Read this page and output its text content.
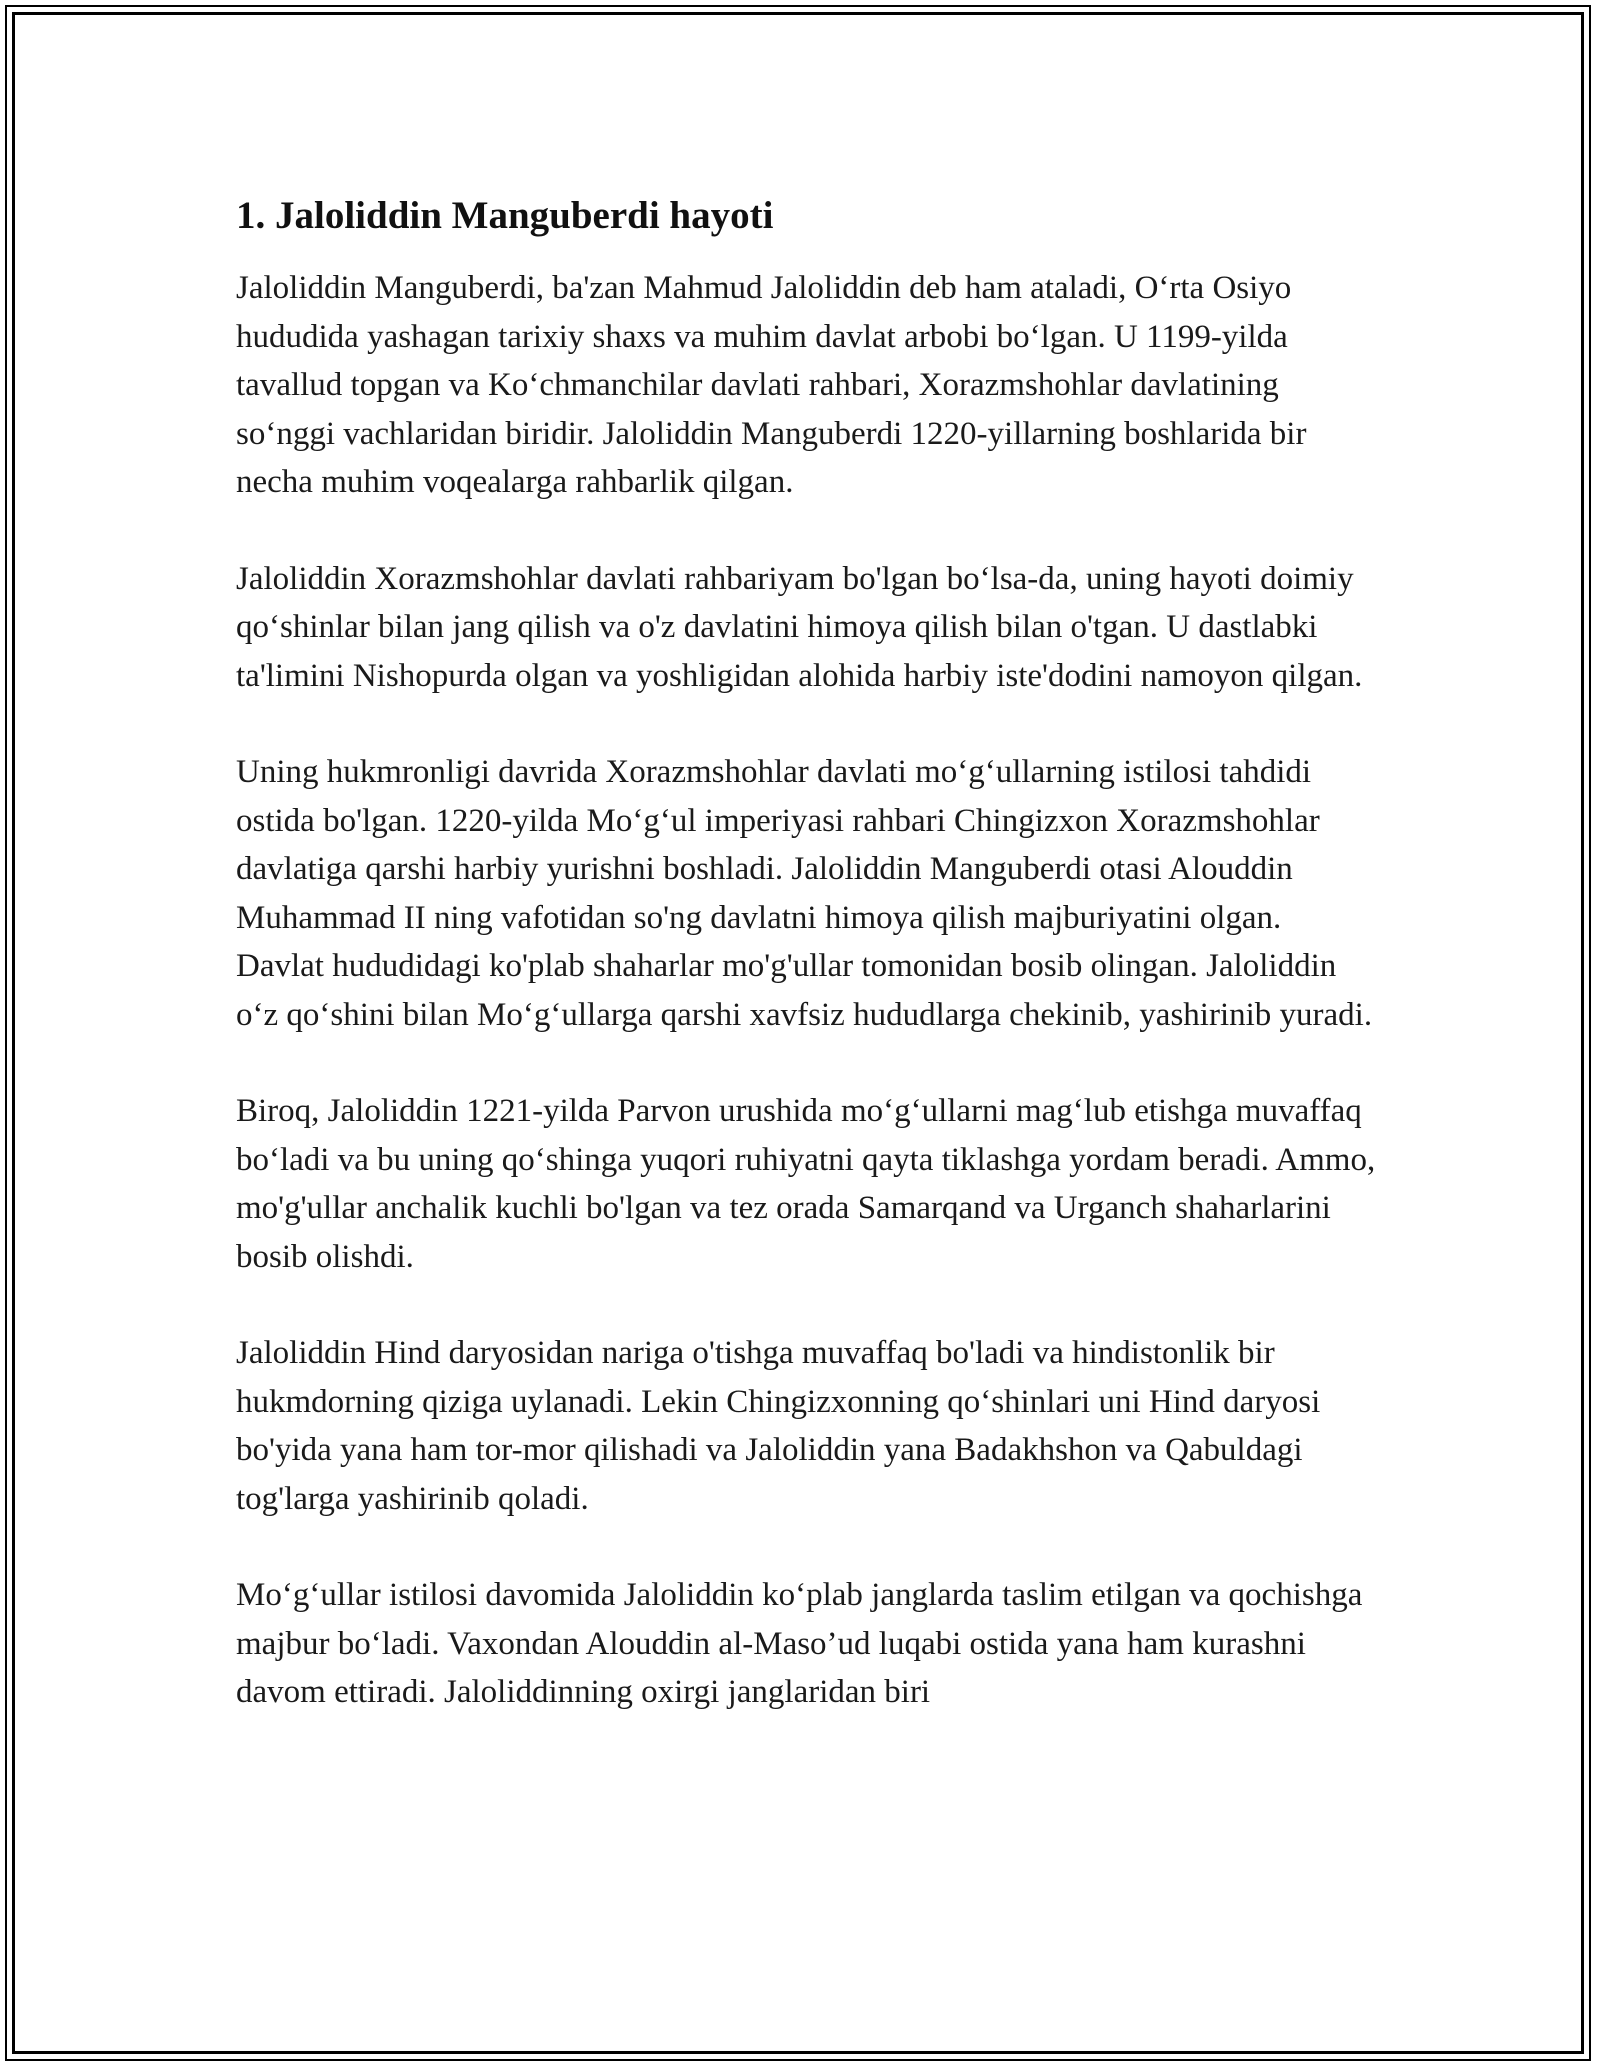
1. Jaloliddin Manguberdi hayoti

Jaloliddin Manguberdi, ba'zan Mahmud Jaloliddin deb ham ataladi, O‘rta Osiyo hududida yashagan tarixiy shaxs va muhim davlat arbobi bo‘lgan. U 1199-yilda tavallud topgan va Ko‘chmanchilar davlati rahbari, Xorazmshohlar davlatining so‘nggi vachlaridan biridir. Jaloliddin Manguberdi 1220-yillarning boshlarida bir necha muhim voqealarga rahbarlik qilgan.

Jaloliddin Xorazmshohlar davlati rahbariyam bo'lgan bo‘lsa-da, uning hayoti doimiy qo‘shinlar bilan jang qilish va o'z davlatini himoya qilish bilan o'tgan. U dastlabki ta'limini Nishopurda olgan va yoshligidan alohida harbiy iste'dodini namoyon qilgan.

Uning hukmronligi davrida Xorazmshohlar davlati mo‘g‘ullarning istilosi tahdidi ostida bo'lgan. 1220-yilda Mo‘g‘ul imperiyasi rahbari Chingizxon Xorazmshohlar davlatiga qarshi harbiy yurishni boshladi. Jaloliddin Manguberdi otasi Alouddin Muhammad II ning vafotidan so'ng davlatni himoya qilish majburiyatini olgan. Davlat hududidagi ko'plab shaharlar mo'g'ullar tomonidan bosib olingan. Jaloliddin o‘z qo‘shini bilan Mo‘g‘ullarga qarshi xavfsiz hududlarga chekinib, yashirinib yuradi.

Biroq, Jaloliddin 1221-yilda Parvon urushida mo‘g‘ullarni mag‘lub etishga muvaffaq bo‘ladi va bu uning qo‘shinga yuqori ruhiyatni qayta tiklashga yordam beradi. Ammo, mo'g'ullar anchalik kuchli bo'lgan va tez orada Samarqand va Urganch shaharlarini bosib olishdi.

Jaloliddin Hind daryosidan nariga o'tishga muvaffaq bo'ladi va hindistonlik bir hukmdorning qiziga uylanadi. Lekin Chingizxonning qo‘shinlari uni Hind daryosi bo'yida yana ham tor-mor qilishadi va Jaloliddin yana Badakhshon va Qabuldagi tog'larga yashirinib qoladi.

Mo‘g‘ullar istilosi davomida Jaloliddin ko‘plab janglarda taslim etilgan va qochishga majbur bo‘ladi. Vaxondan Alouddin al-Maso’ud luqabi ostida yana ham kurashni davom ettiradi. Jaloliddinning oxirgi janglaridan biri
